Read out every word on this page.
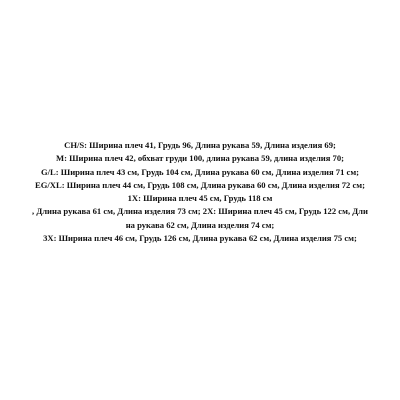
CH/S: Ширина плеч 41, Грудь 96, Длина рукава 59, Длина изделия 69;

M: Ширина плеч 42, обхват груди 100, длина рукава 59, длина изделия 70;

G/L: Ширина плеч 43 см, Грудь 104 см, Длина рукава 60 см, Длина изделия 71 см;

EG/XL: Ширина плеч 44 см, Грудь 108 см, Длина рукава 60 см, Длина изделия 72 см;

1X: Ширина плеч 45 см, Грудь 118 см

, Длина рукава 61 см, Длина изделия 73 см; 2X: Ширина плеч 45 см, Грудь 122 см, Дли

на рукава 62 см, Длина изделия 74 см;

3X: Ширина плеч 46 см, Грудь 126 см, Длина рукава 62 см, Длина изделия 75 см;
